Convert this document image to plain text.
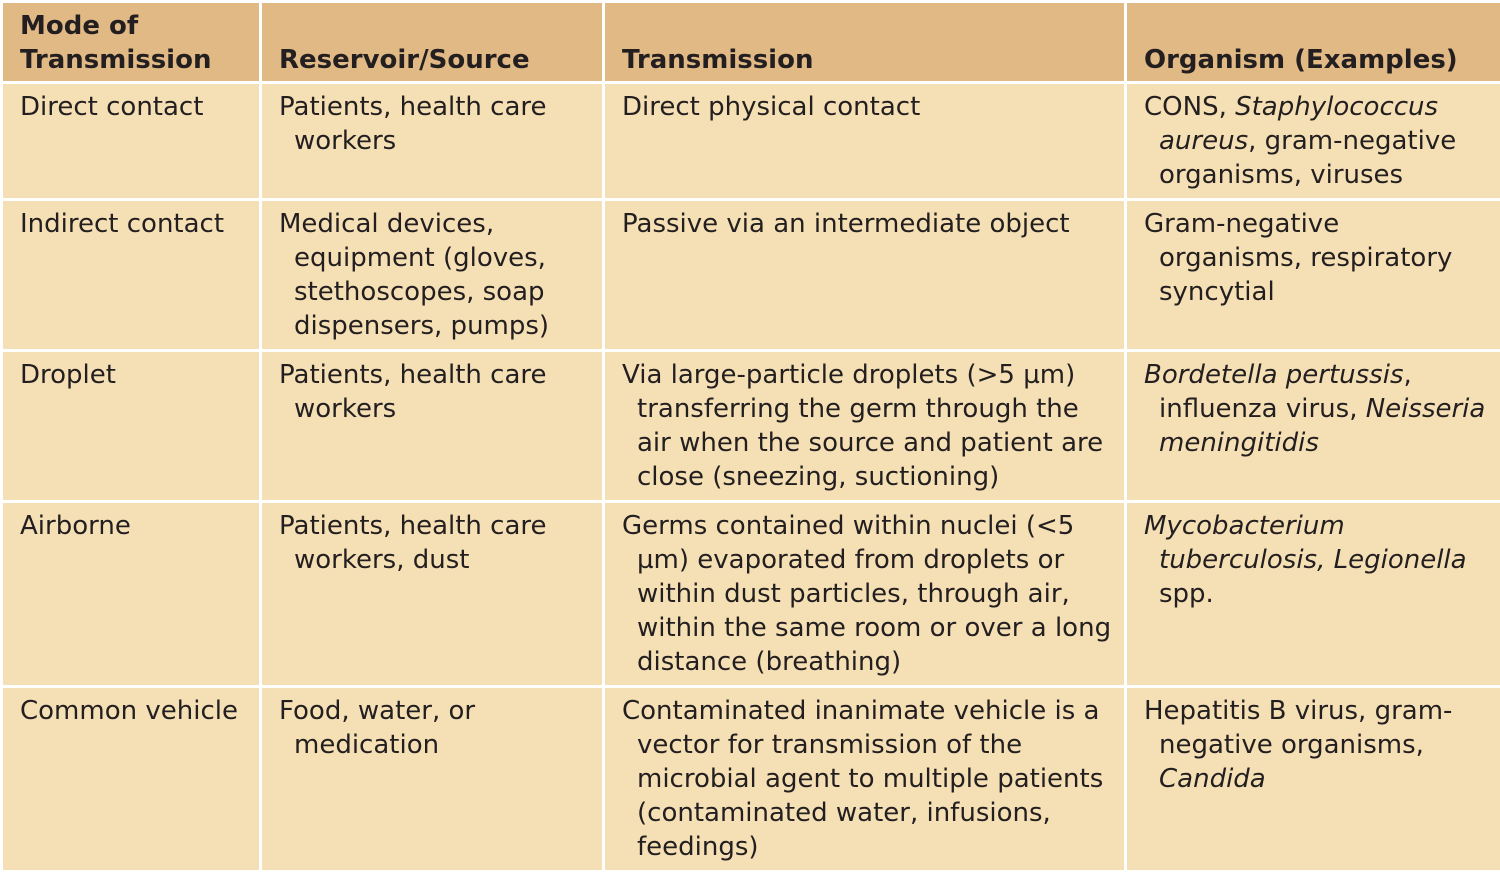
Mode of Transmission	Reservoir/Source	Transmission	Organism (Examples)

Direct contact	Patients, health care workers	Direct physical contact	CONS, Staphylococcus aureus, gram-negative organisms, viruses

Indirect contact	Medical devices, equipment (gloves, stethoscopes, soap dispensers, pumps)	Passive via an intermediate object	Gram-negative organisms, respiratory syncytial

Droplet	Patients, health care workers	Via large-particle droplets (>5 µm) transferring the germ through the air when the source and patient are close (sneezing, suctioning)	Bordetella pertussis, influenza virus, Neisseria meningitidis

Airborne	Patients, health care workers, dust	Germs contained within nuclei (<5 µm) evaporated from droplets or within dust particles, through air, within the same room or over a long distance (breathing)	Mycobacterium tuberculosis, Legionella spp.

Common vehicle	Food, water, or medication	Contaminated inanimate vehicle is a vector for transmission of the microbial agent to multiple patients (contaminated water, infusions, feedings)	Hepatitis B virus, gram-negative organisms, Candida
